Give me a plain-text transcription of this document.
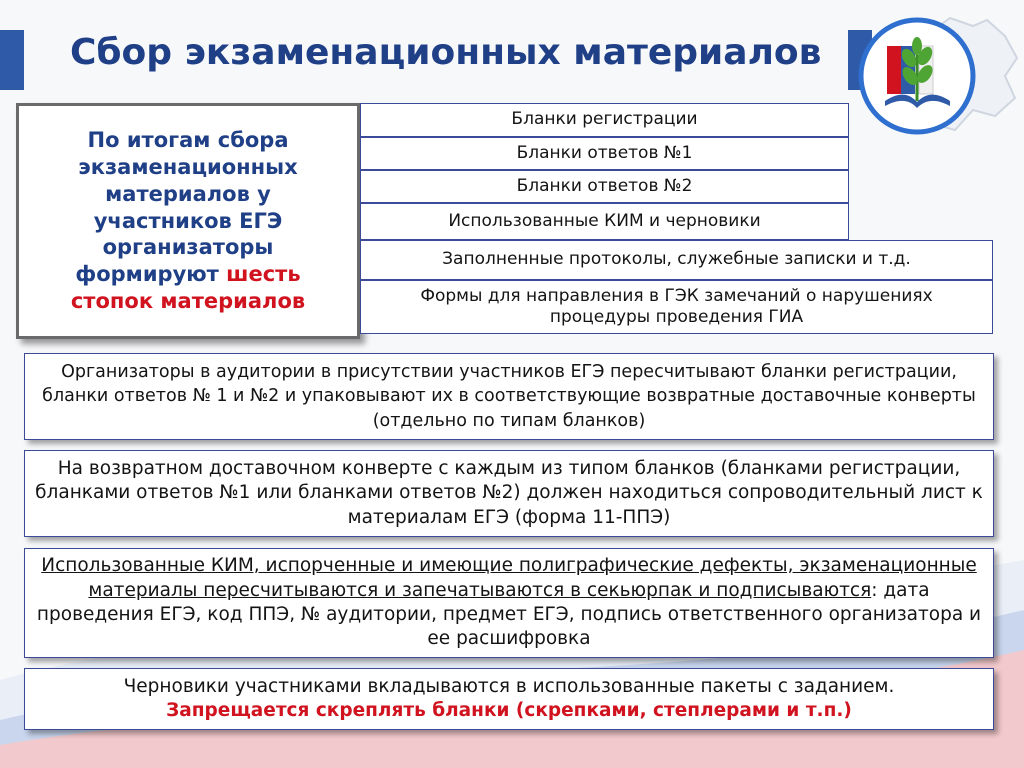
Сбор экзаменационных материалов
По итогам сбора экзаменационных материалов у участников ЕГЭ организаторы формируют шесть стопок материалов
Бланки регистрации
Бланки ответов №1
Бланки ответов №2
Использованные КИМ и черновики
Заполненные протоколы, служебные записки и т.д.
Формы для направления в ГЭК замечаний о нарушениях процедуры проведения ГИА
Организаторы в аудитории в присутствии участников ЕГЭ пересчитывают бланки регистрации, бланки ответов № 1 и №2 и упаковывают их в соответствующие возвратные доставочные конверты (отдельно по типам бланков)
На возвратном доставочном конверте с каждым из типом бланков (бланками регистрации, бланками ответов №1 или бланками ответов №2) должен находиться сопроводительный лист к материалам ЕГЭ (форма 11-ППЭ)
Использованные КИМ, испорченные и имеющие полиграфические дефекты, экзаменационные материалы пересчитываются и запечатываются в секьюрпак и подписываются: дата проведения ЕГЭ, код ППЭ, № аудитории, предмет ЕГЭ, подпись ответственного организатора и ее расшифровка
Черновики участниками вкладываются в использованные пакеты с заданием.
Запрещается скреплять бланки (скрепками, степлерами и т.п.)
